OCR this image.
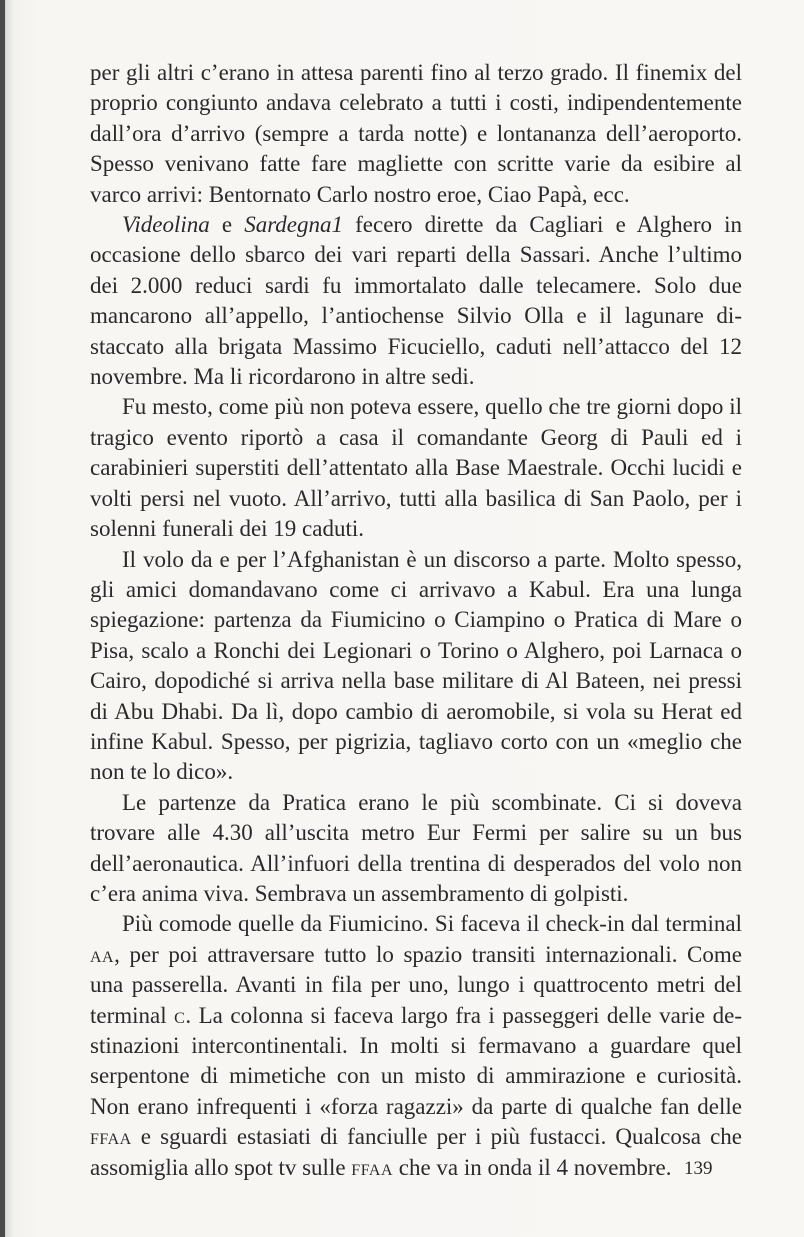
per gli altri c’erano in attesa parenti fino al terzo grado. Il finemix del proprio congiunto andava celebrato a tutti i costi, indipendentemente dall’ora d’arrivo (sempre a tarda notte) e lontananza dell’aeroporto. Spesso venivano fatte fare magliette con scritte varie da esibire al varco arrivi: Bentornato Carlo nostro eroe, Ciao Papà, ecc.

Videolina e Sardegna1 fecero dirette da Cagliari e Alghero in occasione dello sbarco dei vari reparti della Sassari. Anche l’ultimo dei 2.000 reduci sardi fu immortalato dalle telecamere. Solo due mancarono all’appello, l’antiochense Silvio Olla e il lagunare distaccato alla brigata Massimo Ficuciello, caduti nell’attacco del 12 novembre. Ma li ricordarono in altre sedi.

Fu mesto, come più non poteva essere, quello che tre giorni dopo il tragico evento riportò a casa il comandante Georg di Pauli ed i carabinieri superstiti dell’attentato alla Base Maestrale. Occhi lucidi e volti persi nel vuoto. All’arrivo, tutti alla basilica di San Paolo, per i solenni funerali dei 19 caduti.

Il volo da e per l’Afghanistan è un discorso a parte. Molto spesso, gli amici domandavano come ci arrivavo a Kabul. Era una lunga spiegazione: partenza da Fiumicino o Ciampino o Pratica di Mare o Pisa, scalo a Ronchi dei Legionari o Torino o Alghero, poi Larnaca o Cairo, dopodiché si arriva nella base militare di Al Bateen, nei pressi di Abu Dhabi. Da lì, dopo cambio di aeromobile, si vola su Herat ed infine Kabul. Spesso, per pigrizia, tagliavo corto con un «meglio che non te lo dico».

Le partenze da Pratica erano le più scombinate. Ci si doveva trovare alle 4.30 all’uscita metro Eur Fermi per salire su un bus dell’aeronautica. All’infuori della trentina di desperados del volo non c’era anima viva. Sembrava un assembramento di golpisti.

Più comode quelle da Fiumicino. Si faceva il check-in dal terminal aa, per poi attraversare tutto lo spazio transiti internazionali. Come una passerella. Avanti in fila per uno, lungo i quattrocento metri del terminal c. La colonna si faceva largo fra i passeggeri delle varie destinazioni intercontinentali. In molti si fermavano a guardare quel serpentone di mimetiche con un misto di ammirazione e curiosità. Non erano infrequenti i «forza ragazzi» da parte di qualche fan delle ffaa e sguardi estasiati di fanciulle per i più fustacci. Qualcosa che assomiglia allo spot tv sulle ffaa che va in onda il 4 novembre. 139
